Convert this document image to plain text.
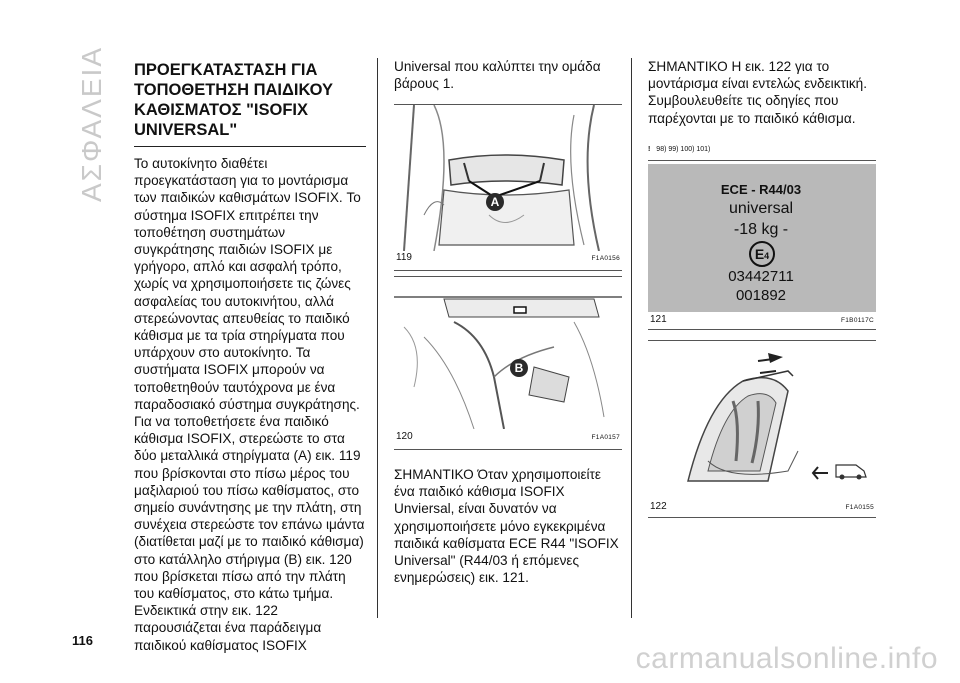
ΑΣΦΑΛΕΙΑ ΠΡΟΕΓΚΑΤΑΣΤΑΣΗ ΓΙΑ ΤΟΠΟΘΕΤΗΣΗ ΠΑΙΔΙΚΟΥ ΚΑΘΙΣΜΑΤΟΣ "ISOFIX UNIVERSAL"

Το αυτοκίνητο διαθέτει προεγκατάσταση για το μοντάρισμα των παιδικών καθισμάτων ISOFIX. Το σύστημα ISOFIX επιτρέπει την τοποθέτηση συστημάτων συγκράτησης παιδιών ISOFIX με γρήγορο, απλό και ασφαλή τρόπο, χωρίς να χρησιμοποιήσετε τις ζώνες ασφαλείας του αυτοκινήτου, αλλά στερεώνοντας απευθείας το παιδικό κάθισμα με τα τρία στηρίγματα που υπάρχουν στο αυτοκίνητο. Τα συστήματα ISOFIX μπορούν να τοποθετηθούν ταυτόχρονα με ένα παραδοσιακό σύστημα συγκράτησης. Για να τοποθετήσετε ένα παιδικό κάθισμα ISOFIX, στερεώστε το στα δύο μεταλλικά στηρίγματα (A) εικ. 119 που βρίσκονται στο πίσω μέρος του μαξιλαριού του πίσω καθίσματος, στο σημείο συνάντησης με την πλάτη, στη συνέχεια στερεώστε τον επάνω ιμάντα (διατίθεται μαζί με το παιδικό κάθισμα) στο κατάλληλο στήριγμα (B) εικ. 120 που βρίσκεται πίσω από την πλάτη του καθίσματος, στο κάτω τμήμα. Ενδεικτικά στην εικ. 122 παρουσιάζεται ένα παράδειγμα παιδικού καθίσματος ISOFIX

Universal που καλύπτει την ομάδα βάρους 1.

A
119	F1A0156
B
120	F1A0157

ΣΗΜΑΝΤΙΚΟ Όταν χρησιμοποιείτε ένα παιδικό κάθισμα ISOFIX Unviersal, είναι δυνατόν να χρησιμοποιήσετε μόνο εγκεκριμένα παιδικά καθίσματα ECE R44 "ISOFIX Universal" (R44/03 ή επόμενες ενημερώσεις) εικ. 121.

ΣΗΜΑΝΤΙΚΟ Η εικ. 122 για το μοντάρισμα είναι εντελώς ενδεικτική. Συμβουλευθείτε τις οδηγίες που παρέχονται με το παιδικό κάθισμα.

! 98) 99) 100) 101)
ECE - R44/03
universal
-18 kg -
E4
03442711
001892
121	F1B0117C
122	F1A0155
116
carmanualsonline.info
